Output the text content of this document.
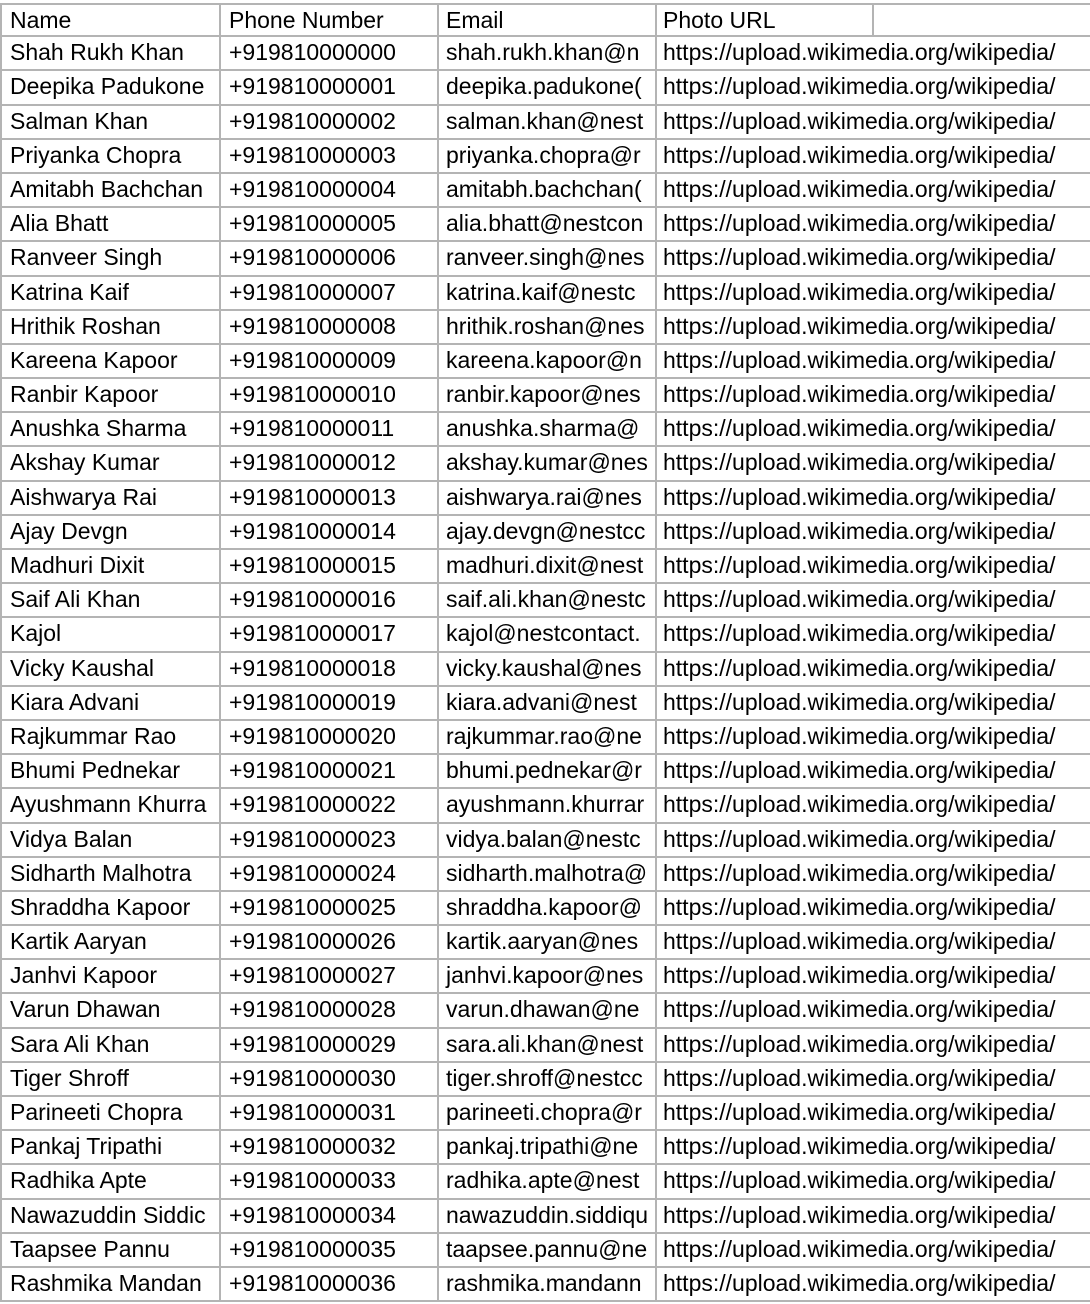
Name	Phone Number	Email	Photo URL
Shah Rukh Khan	+919810000000	shah.rukh.khan@n	https://upload.wikimedia.org/wikipedia/
Deepika Padukone	+919810000001	deepika.padukone( https://upload.wikimedia.org/wikipedia/
Salman Khan	+919810000002	salman.khan@nest https://upload.wikimedia.org/wikipedia/
Priyanka Chopra	+919810000003	priyanka.chopra@r https://upload.wikimedia.org/wikipedia/
Amitabh Bachchan	+919810000004	amitabh.bachchan( https://upload.wikimedia.org/wikipedia/
Alia Bhatt	+919810000005	alia.bhatt@nestcon https://upload.wikimedia.org/wikipedia/
Ranveer Singh	+919810000006	ranveer.singh@nes https://upload.wikimedia.org/wikipedia/
Katrina Kaif	+919810000007	katrina.kaif@nestc	https://upload.wikimedia.org/wikipedia/
Hrithik Roshan	+919810000008	hrithik.roshan@nes https://upload.wikimedia.org/wikipedia/
Kareena Kapoor	+919810000009	kareena.kapoor@n https://upload.wikimedia.org/wikipedia/
Ranbir Kapoor	+919810000010	ranbir.kapoor@nes https://upload.wikimedia.org/wikipedia/
Anushka Sharma	+919810000011	anushka.sharma@	https://upload.wikimedia.org/wikipedia/
Akshay Kumar	+919810000012	akshay.kumar@nes https://upload.wikimedia.org/wikipedia/
Aishwarya Rai	+919810000013	aishwarya.rai@nes https://upload.wikimedia.org/wikipedia/
Ajay Devgn	+919810000014	ajay.devgn@nestcc https://upload.wikimedia.org/wikipedia/
Madhuri Dixit	+919810000015	madhuri.dixit@nest https://upload.wikimedia.org/wikipedia/
Saif Ali Khan	+919810000016	saif.ali.khan@nestc https://upload.wikimedia.org/wikipedia/
Kajol	+919810000017	kajol@nestcontact. https://upload.wikimedia.org/wikipedia/
Vicky Kaushal	+919810000018	vicky.kaushal@nes https://upload.wikimedia.org/wikipedia/
Kiara Advani	+919810000019	kiara.advani@nest	https://upload.wikimedia.org/wikipedia/
Rajkummar Rao	+919810000020	rajkummar.rao@ne https://upload.wikimedia.org/wikipedia/
Bhumi Pednekar	+919810000021	bhumi.pednekar@r https://upload.wikimedia.org/wikipedia/
Ayushmann Khurra +919810000022	ayushmann.khurrar https://upload.wikimedia.org/wikipedia/
Vidya Balan	+919810000023	vidya.balan@nestc https://upload.wikimedia.org/wikipedia/
Sidharth Malhotra	+919810000024	sidharth.malhotra@ https://upload.wikimedia.org/wikipedia/
Shraddha Kapoor	+919810000025	shraddha.kapoor@ https://upload.wikimedia.org/wikipedia/
Kartik Aaryan	+919810000026	kartik.aaryan@nes	https://upload.wikimedia.org/wikipedia/
Janhvi Kapoor	+919810000027	janhvi.kapoor@nes https://upload.wikimedia.org/wikipedia/
Varun Dhawan	+919810000028	varun.dhawan@ne	https://upload.wikimedia.org/wikipedia/
Sara Ali Khan	+919810000029	sara.ali.khan@nest https://upload.wikimedia.org/wikipedia/
Tiger Shroff	+919810000030	tiger.shroff@nestcc https://upload.wikimedia.org/wikipedia/
Parineeti Chopra	+919810000031	parineeti.chopra@r https://upload.wikimedia.org/wikipedia/
Pankaj Tripathi	+919810000032	pankaj.tripathi@ne	https://upload.wikimedia.org/wikipedia/
Radhika Apte	+919810000033	radhika.apte@nest	https://upload.wikimedia.org/wikipedia/
Nawazuddin Siddic	+919810000034	nawazuddin.siddiqu https://upload.wikimedia.org/wikipedia/
Taapsee Pannu	+919810000035	taapsee.pannu@ne https://upload.wikimedia.org/wikipedia/
Rashmika Mandan	+919810000036	rashmika.mandann https://upload.wikimedia.org/wikipedia/
